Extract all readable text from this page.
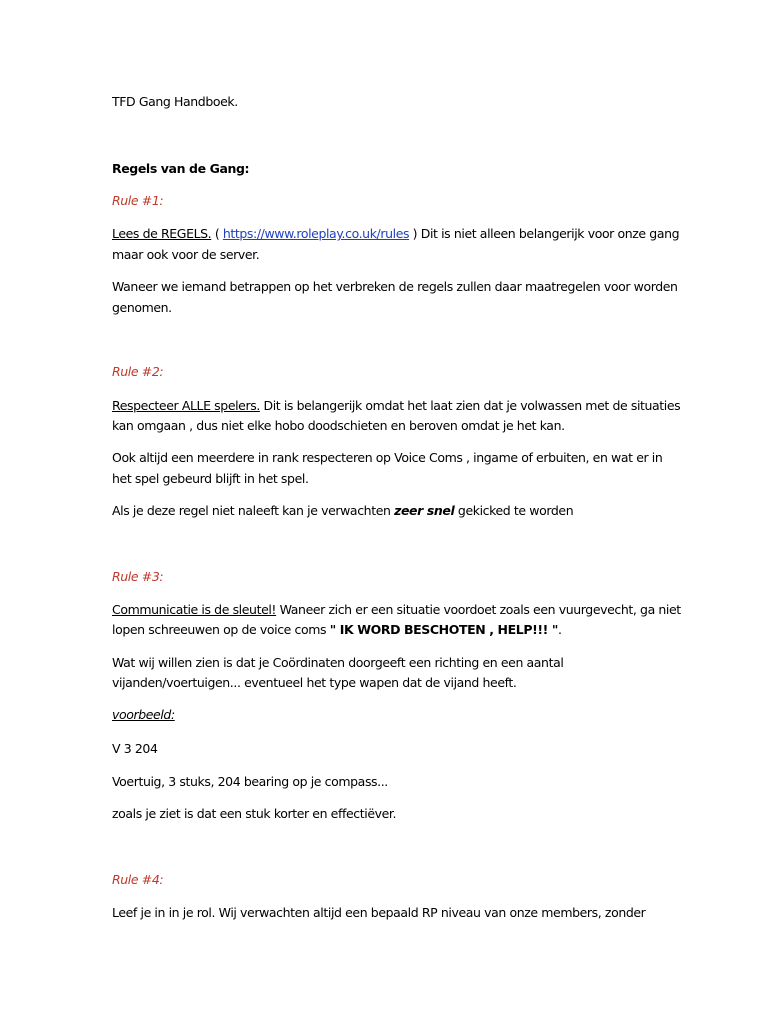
TFD Gang Handboek.
Regels van de Gang:
Rule #1:
Lees de REGELS. ( https://www.roleplay.co.uk/rules ) Dit is niet alleen belangerijk voor onze gang
maar ook voor de server.
Waneer we iemand betrappen op het verbreken de regels zullen daar maatregelen voor worden
genomen.
Rule #2:
Respecteer ALLE spelers. Dit is belangerijk omdat het laat zien dat je volwassen met de situaties
kan omgaan , dus niet elke hobo doodschieten en beroven omdat je het kan.
Ook altijd een meerdere in rank respecteren op Voice Coms , ingame of erbuiten, en wat er in
het spel gebeurd blijft in het spel.
Als je deze regel niet naleeft kan je verwachten zeer snel gekicked te worden
Rule #3:
Communicatie is de sleutel! Waneer zich er een situatie voordoet zoals een vuurgevecht, ga niet
lopen schreeuwen op de voice coms " IK WORD BESCHOTEN , HELP!!! ".
Wat wij willen zien is dat je Coördinaten doorgeeft een richting en een aantal
vijanden/voertuigen... eventueel het type wapen dat de vijand heeft.
voorbeeld:
V 3 204
Voertuig, 3 stuks, 204 bearing op je compass...
zoals je ziet is dat een stuk korter en effectiëver.
Rule #4:
Leef je in in je rol. Wij verwachten altijd een bepaald RP niveau van onze members, zonder
